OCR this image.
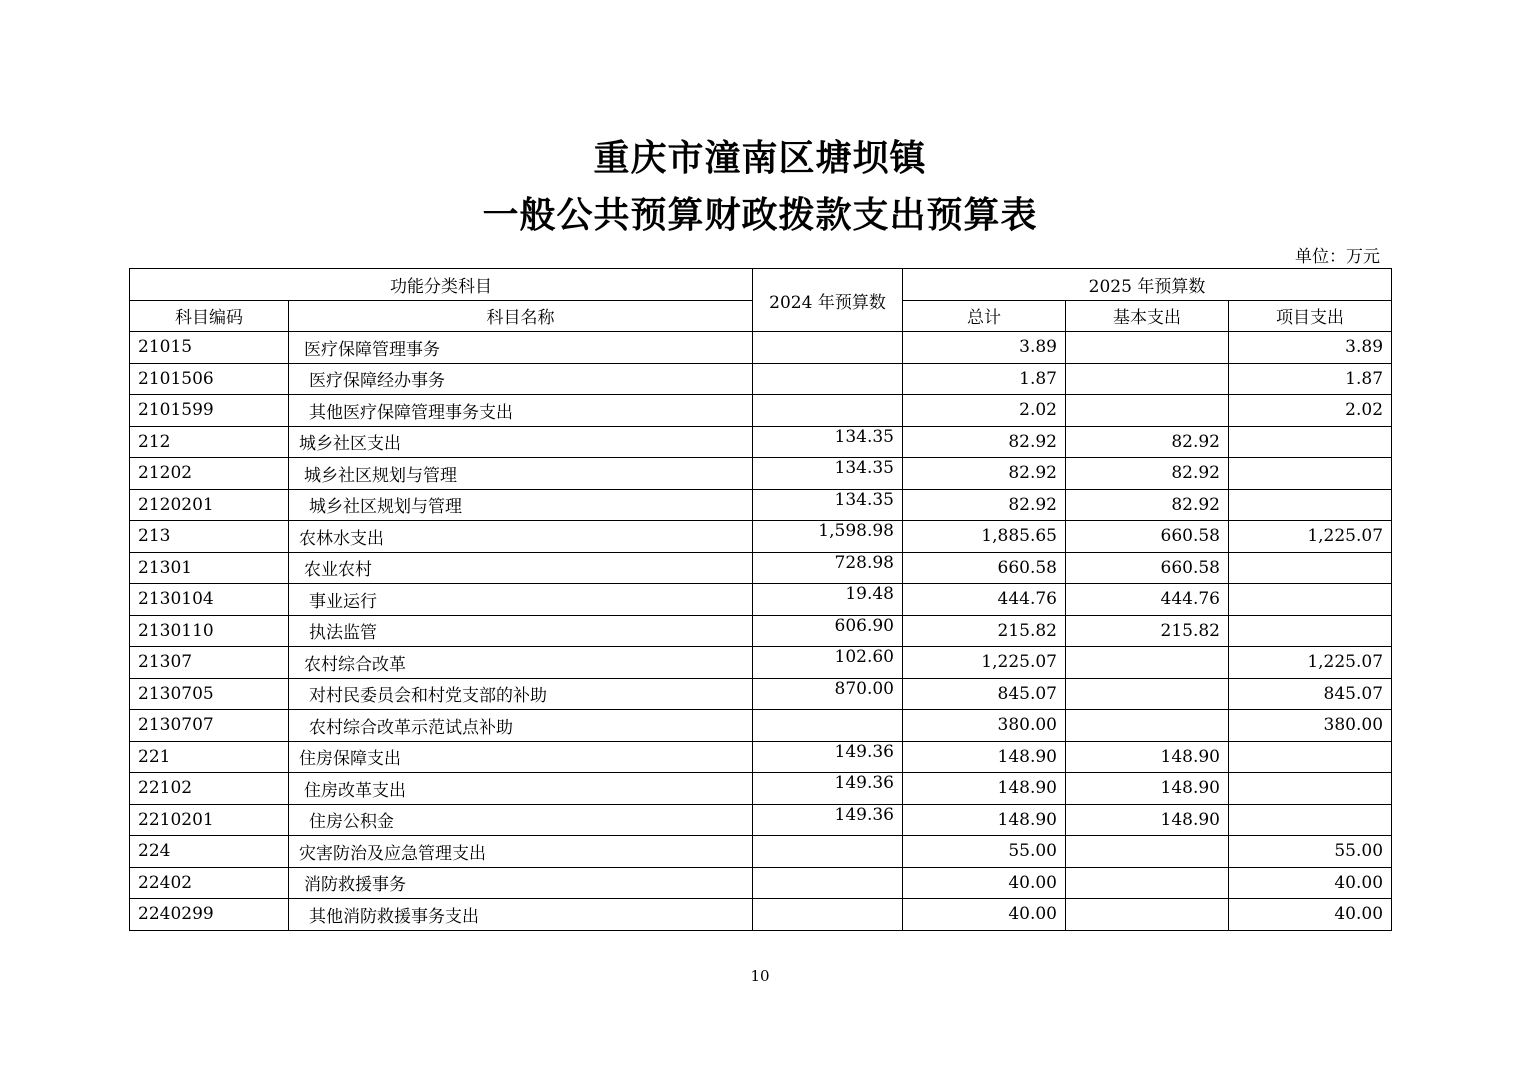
重庆市潼南区塘坝镇
一般公共预算财政拨款支出预算表
单位：万元
功能分类科目		2024 年预算数	2025 年预算数		
科目编码	科目名称		总计	基本支出	项目支出
21015	医疗保障管理事务		3.89		3.89
2101506	医疗保障经办事务		1.87		1.87
2101599	其他医疗保障管理事务支出		2.02		2.02
212	城乡社区支出	134.35	82.92	82.92	
21202	城乡社区规划与管理	134.35	82.92	82.92	
2120201	城乡社区规划与管理	134.35	82.92	82.92	
213	农林水支出	1,598.98	1,885.65	660.58	1,225.07
21301	农业农村	728.98	660.58	660.58	
2130104	事业运行	19.48	444.76	444.76	
2130110	执法监管	606.90	215.82	215.82	
21307	农村综合改革	102.60	1,225.07		1,225.07
2130705	对村民委员会和村党支部的补助	870.00	845.07		845.07
2130707	农村综合改革示范试点补助		380.00		380.00
221	住房保障支出	149.36	148.90	148.90	
22102	住房改革支出	149.36	148.90	148.90	
2210201	住房公积金	149.36	148.90	148.90	
224	灾害防治及应急管理支出		55.00		55.00
22402	消防救援事务		40.00		40.00
2240299	其他消防救援事务支出		40.00		40.00
10
